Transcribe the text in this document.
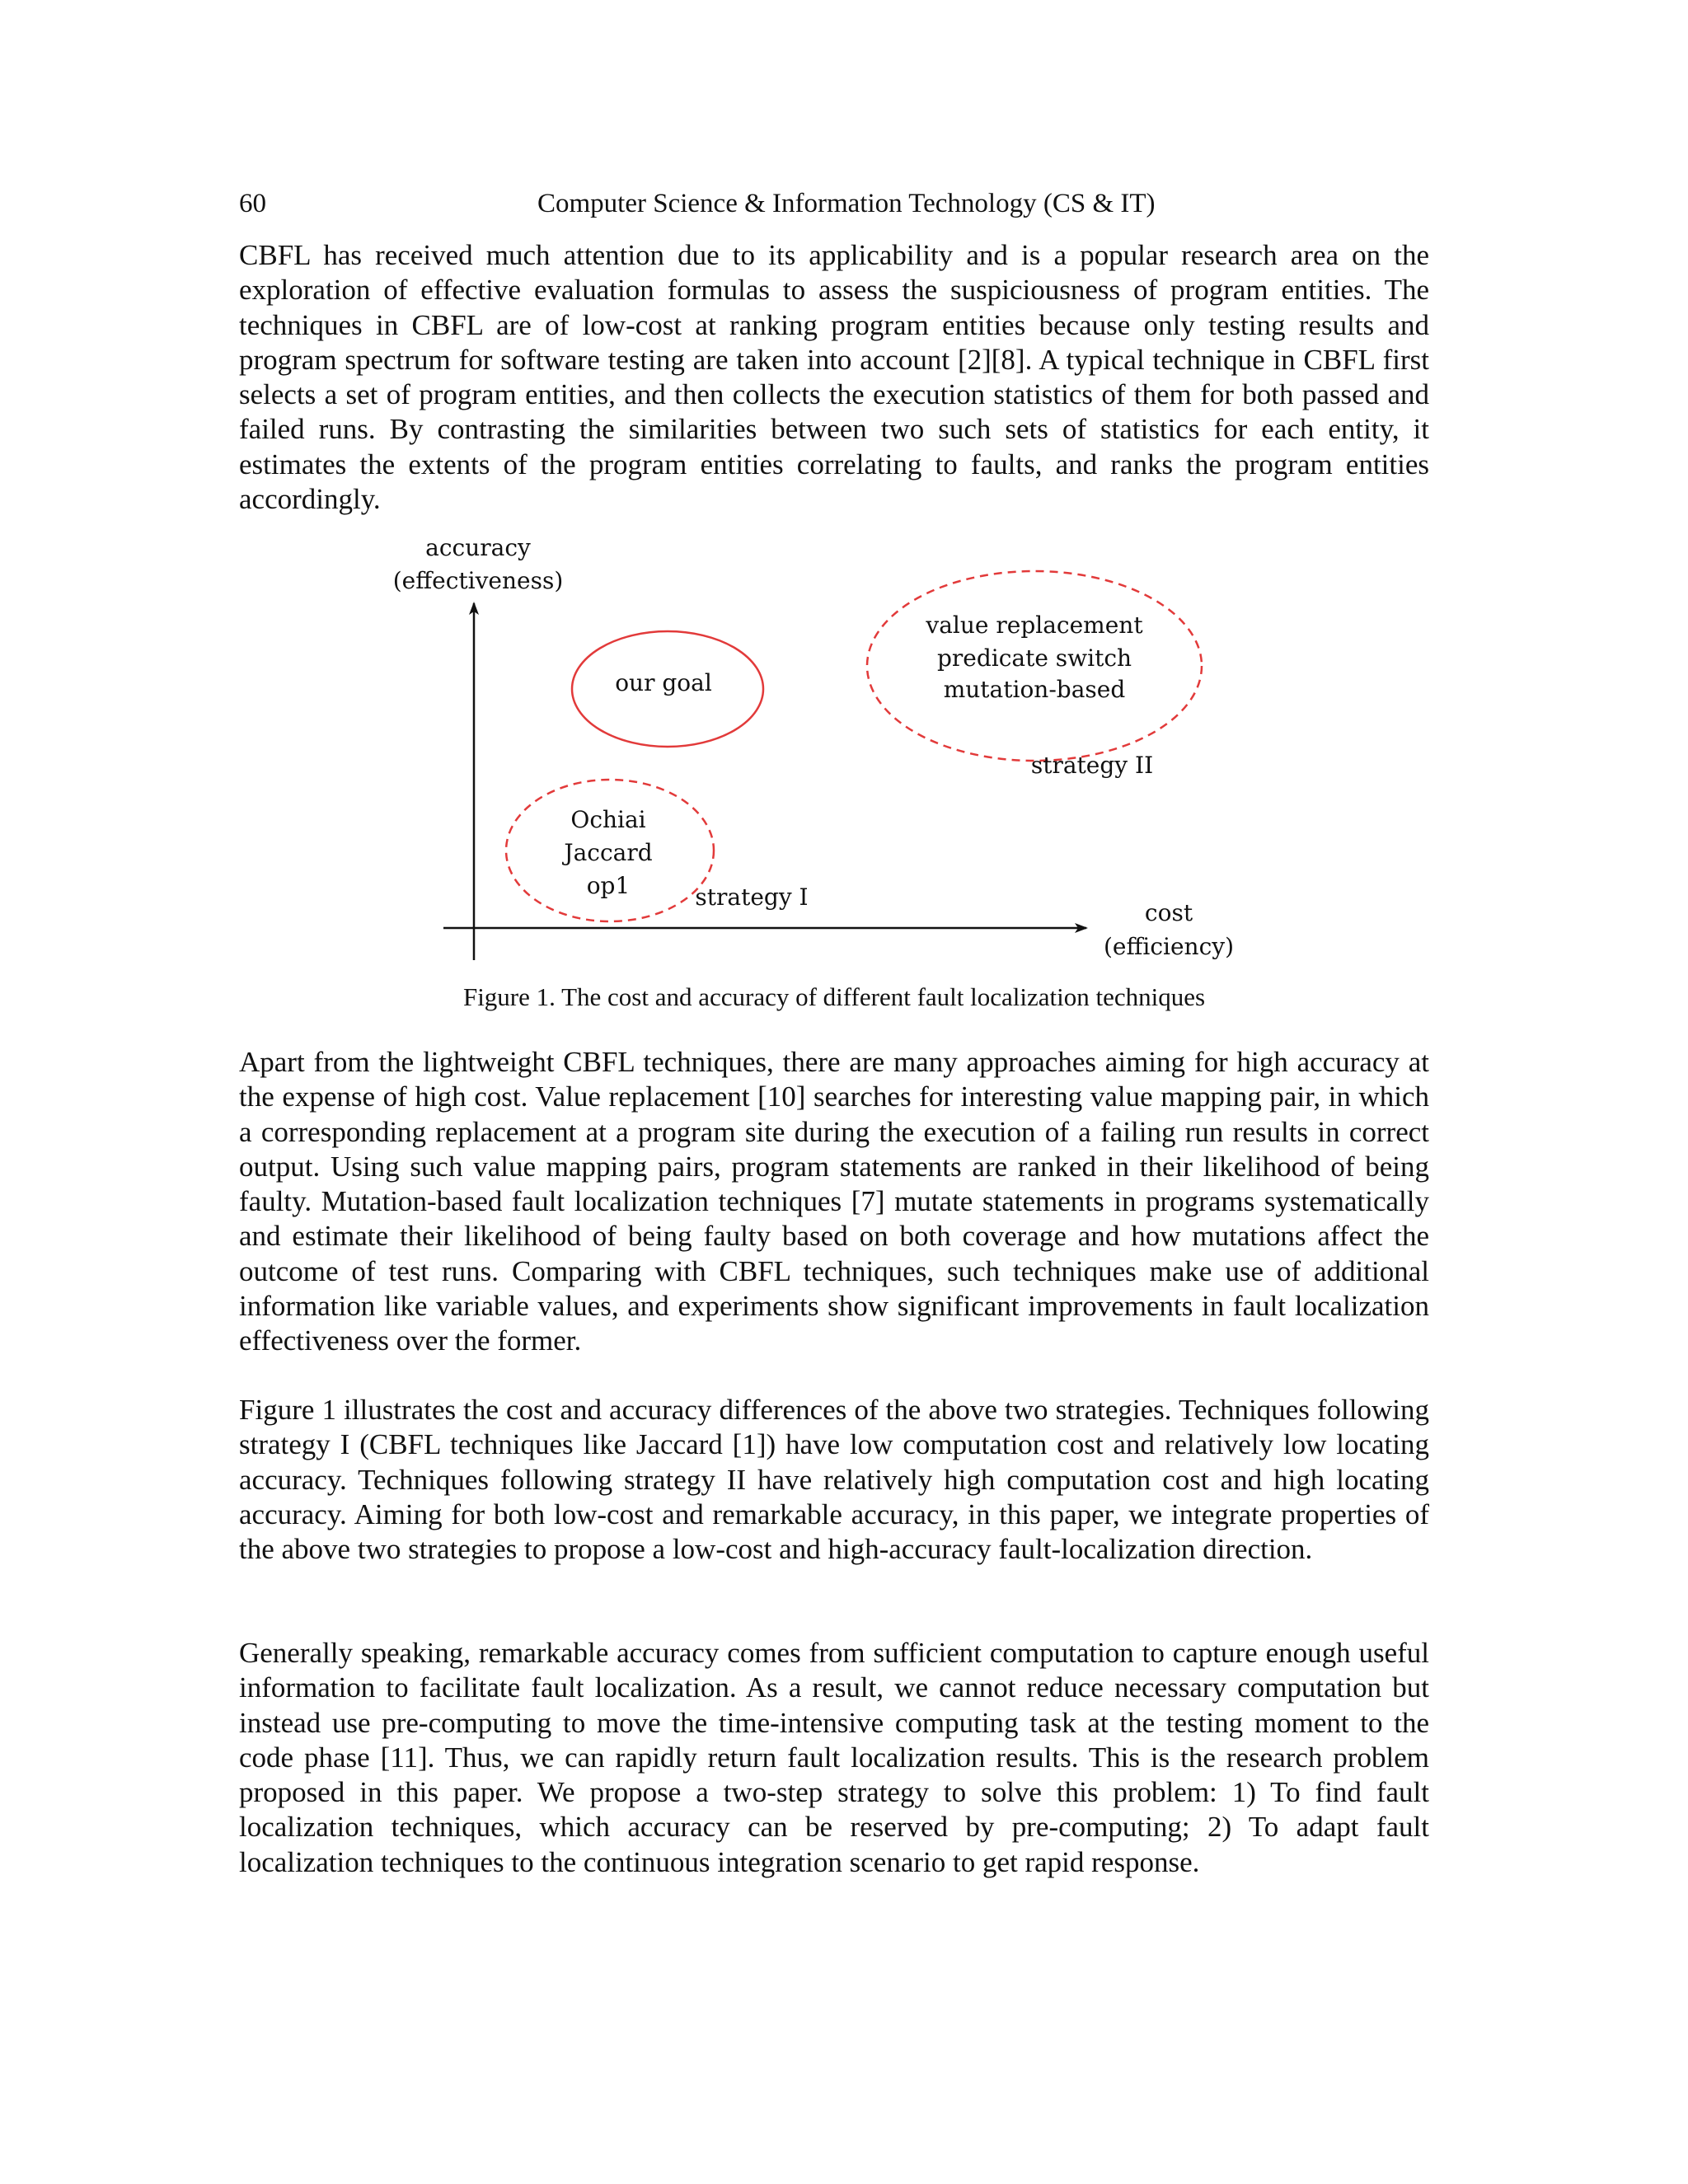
60	Computer Science & Information Technology (CS & IT)

CBFL has received much attention due to its applicability and is a popular research area on the exploration of effective evaluation formulas to assess the suspiciousness of program entities. The techniques in CBFL are of low-cost at ranking program entities because only testing results and program spectrum for software testing are taken into account [2][8]. A typical technique in CBFL first selects a set of program entities, and then collects the execution statistics of them for both passed and failed runs. By contrasting the similarities between two such sets of statistics for each entity, it estimates the extents of the program entities correlating to faults, and ranks the program entities accordingly.

accuracy
(effectiveness)
cost
(efficiency)
our goal
value replacement
predicate switch
mutation-based
strategy II
Ochiai
Jaccard
op1	strategy I
Figure 1. The cost and accuracy of different fault localization techniques

Apart from the lightweight CBFL techniques, there are many approaches aiming for high accuracy at the expense of high cost. Value replacement [10] searches for interesting value mapping pair, in which a corresponding replacement at a program site during the execution of a failing run results in correct output. Using such value mapping pairs, program statements are ranked in their likelihood of being faulty. Mutation-based fault localization techniques [7] mutate statements in programs systematically and estimate their likelihood of being faulty based on both coverage and how mutations affect the outcome of test runs. Comparing with CBFL techniques, such techniques make use of additional information like variable values, and experiments show significant improvements in fault localization effectiveness over the former.

Figure 1 illustrates the cost and accuracy differences of the above two strategies. Techniques following strategy I (CBFL techniques like Jaccard [1]) have low computation cost and relatively low locating accuracy. Techniques following strategy II have relatively high computation cost and high locating accuracy. Aiming for both low-cost and remarkable accuracy, in this paper, we integrate properties of the above two strategies to propose a low-cost and high-accuracy fault-localization direction.

Generally speaking, remarkable accuracy comes from sufficient computation to capture enough useful information to facilitate fault localization. As a result, we cannot reduce necessary computation but instead use pre-computing to move the time-intensive computing task at the testing moment to the code phase [11]. Thus, we can rapidly return fault localization results. This is the research problem proposed in this paper. We propose a two-step strategy to solve this problem: 1) To find fault localization techniques, which accuracy can be reserved by pre-computing; 2) To adapt fault localization techniques to the continuous integration scenario to get rapid response.
